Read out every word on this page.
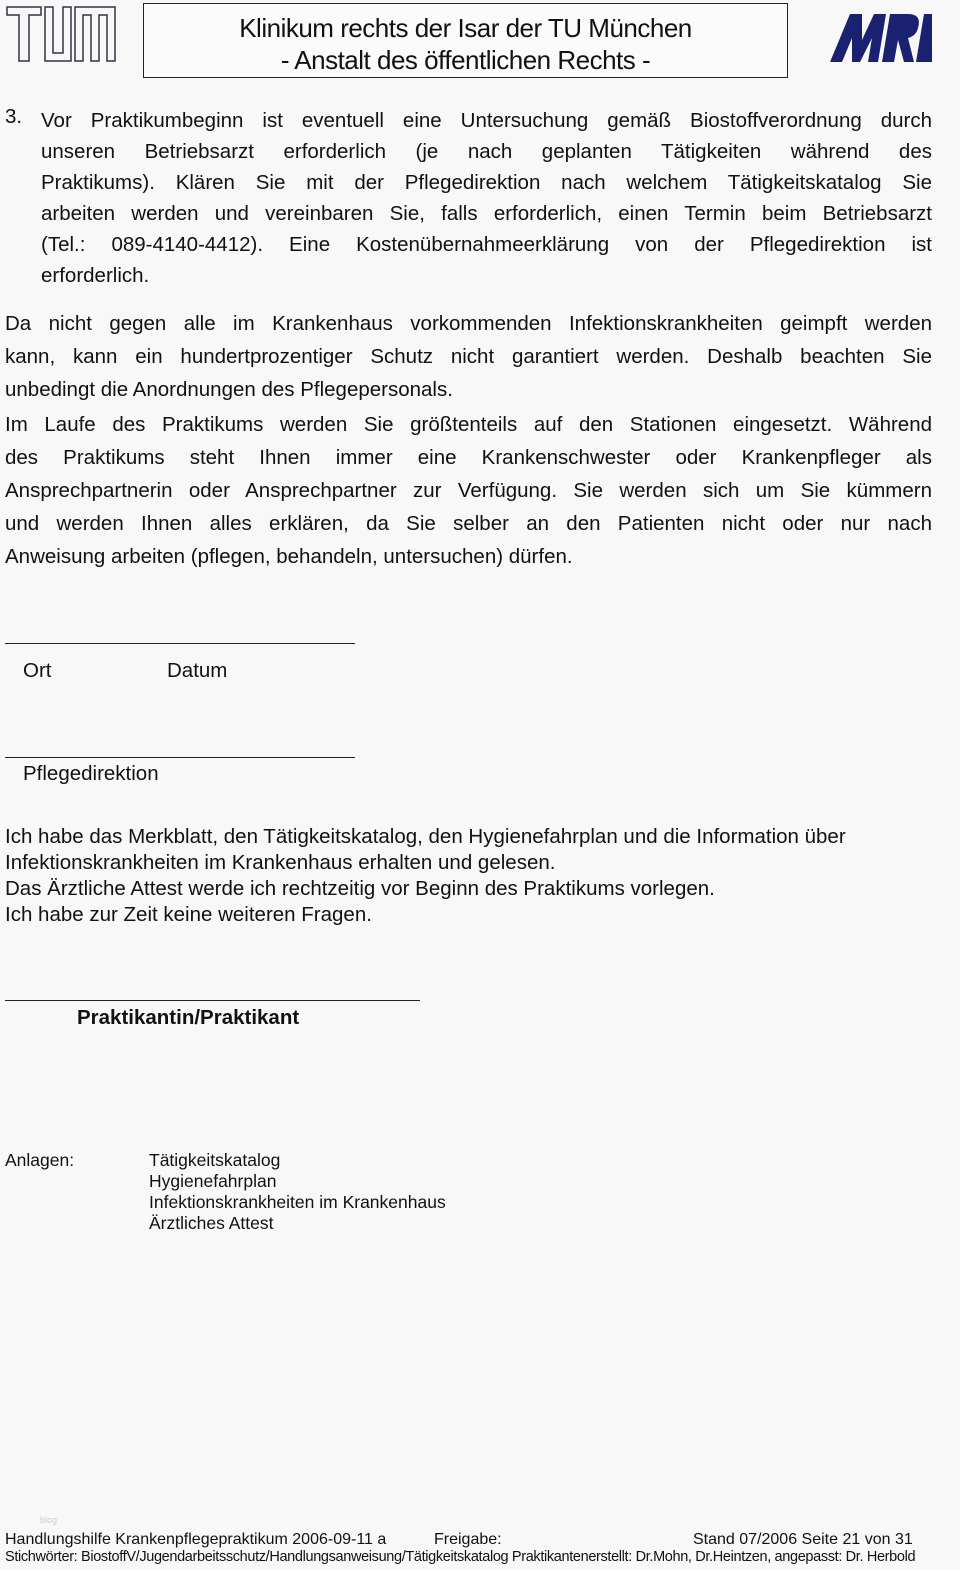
Klinikum rechts der Isar der TU München
- Anstalt des öffentlichen Rechts -
3. Vor Praktikumbeginn ist eventuell eine Untersuchung gemäß Biostoffverordnung durch
unseren Betriebsarzt erforderlich (je nach geplanten Tätigkeiten während des
Praktikums). Klären Sie mit der Pflegedirektion nach welchem Tätigkeitskatalog Sie
arbeiten werden und vereinbaren Sie, falls erforderlich, einen Termin beim Betriebsarzt
(Tel.: 089-4140-4412). Eine Kostenübernahmeerklärung von der Pflegedirektion ist
erforderlich.
Da nicht gegen alle im Krankenhaus vorkommenden Infektionskrankheiten geimpft werden
kann, kann ein hundertprozentiger Schutz nicht garantiert werden. Deshalb beachten Sie
unbedingt die Anordnungen des Pflegepersonals.
Im Laufe des Praktikums werden Sie größtenteils auf den Stationen eingesetzt. Während
des Praktikums steht Ihnen immer eine Krankenschwester oder Krankenpfleger als
Ansprechpartnerin oder Ansprechpartner zur Verfügung. Sie werden sich um Sie kümmern
und werden Ihnen alles erklären, da Sie selber an den Patienten nicht oder nur nach
Anweisung arbeiten (pflegen, behandeln, untersuchen) dürfen.
Ort	Datum
Pflegedirektion
Ich habe das Merkblatt, den Tätigkeitskatalog, den Hygienefahrplan und die Information über
Infektionskrankheiten im Krankenhaus erhalten und gelesen.
Das Ärztliche Attest werde ich rechtzeitig vor Beginn des Praktikums vorlegen.
Ich habe zur Zeit keine weiteren Fragen.
Praktikantin/Praktikant
Anlagen:	Tätigkeitskatalog
Hygienefahrplan
Infektionskrankheiten im Krankenhaus
Ärztliches Attest
blog
Handlungshilfe Krankenpflegepraktikum 2006-09-11 a	Freigabe:	Stand 07/2006 Seite 21 von 31
Stichwörter: BiostoffV/Jugendarbeitsschutz/Handlungsanweisung/Tätigkeitskatalog Praktikantenerstellt: Dr.Mohn, Dr.Heintzen, angepasst: Dr. Herbold
